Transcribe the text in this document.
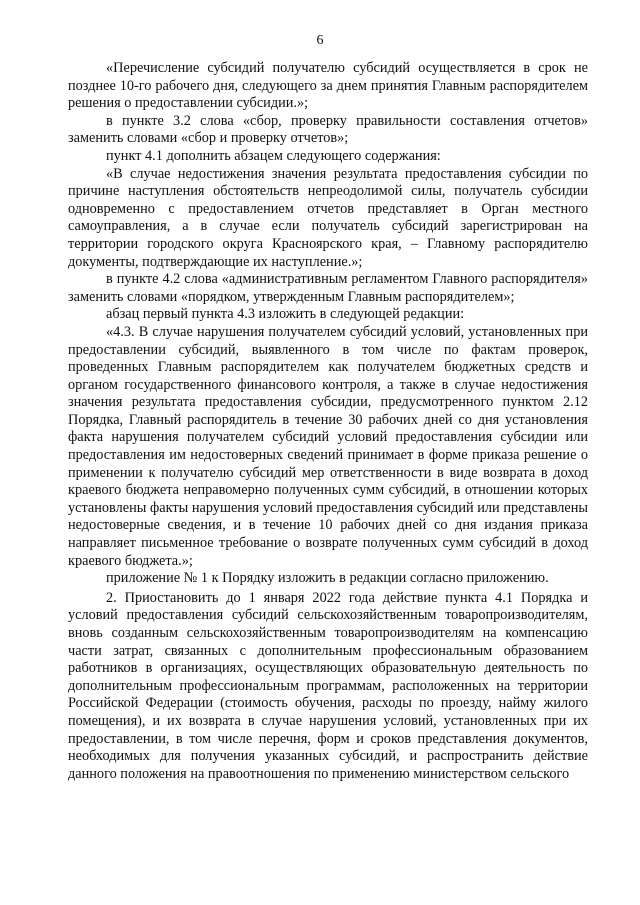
6

«Перечисление субсидий получателю субсидий осуществляется в срок не позднее 10-го рабочего дня, следующего за днем принятия Главным распорядителем решения о предоставлении субсидии.»;

в пункте 3.2 слова «сбор, проверку правильности составления отчетов» заменить словами «сбор и проверку отчетов»;

пункт 4.1 дополнить абзацем следующего содержания:

«В случае недостижения значения результата предоставления субсидии по причине наступления обстоятельств непреодолимой силы, получатель субсидии одновременно с предоставлением отчетов представляет в Орган местного самоуправления, а в случае если получатель субсидий зарегистрирован на территории городского округа Красноярского края, – Главному распорядителю документы, подтверждающие их наступление.»;

в пункте 4.2 слова «административным регламентом Главного распорядителя» заменить словами «порядком, утвержденным Главным распорядителем»;

абзац первый пункта 4.3 изложить в следующей редакции:

«4.3. В случае нарушения получателем субсидий условий, установленных при предоставлении субсидий, выявленного в том числе по фактам проверок, проведенных Главным распорядителем как получателем бюджетных средств и органом государственного финансового контроля, а также в случае недостижения значения результата предоставления субсидии, предусмотренного пунктом 2.12 Порядка, Главный распорядитель в течение 30 рабочих дней со дня установления факта нарушения получателем субсидий условий предоставления субсидии или предоставления им недостоверных сведений принимает в форме приказа решение о применении к получателю субсидий мер ответственности в виде возврата в доход краевого бюджета неправомерно полученных сумм субсидий, в отношении которых установлены факты нарушения условий предоставления субсидий или представлены недостоверные сведения, и в течение 10 рабочих дней со дня издания приказа направляет письменное требование о возврате полученных сумм субсидий в доход краевого бюджета.»;

приложение № 1 к Порядку изложить в редакции согласно приложению.

2. Приостановить до 1 января 2022 года действие пункта 4.1 Порядка и условий предоставления субсидий сельскохозяйственным товаропроизводителям, вновь созданным сельскохозяйственным товаропроизводителям на компенсацию части затрат, связанных с дополнительным профессиональным образованием работников в организациях, осуществляющих образовательную деятельность по дополнительным профессиональным программам, расположенных на территории Российской Федерации (стоимость обучения, расходы по проезду, найму жилого помещения), и их возврата в случае нарушения условий, установленных при их предоставлении, в том числе перечня, форм и сроков представления документов, необходимых для получения указанных субсидий, и распространить действие данного положения на правоотношения по применению министерством сельского
